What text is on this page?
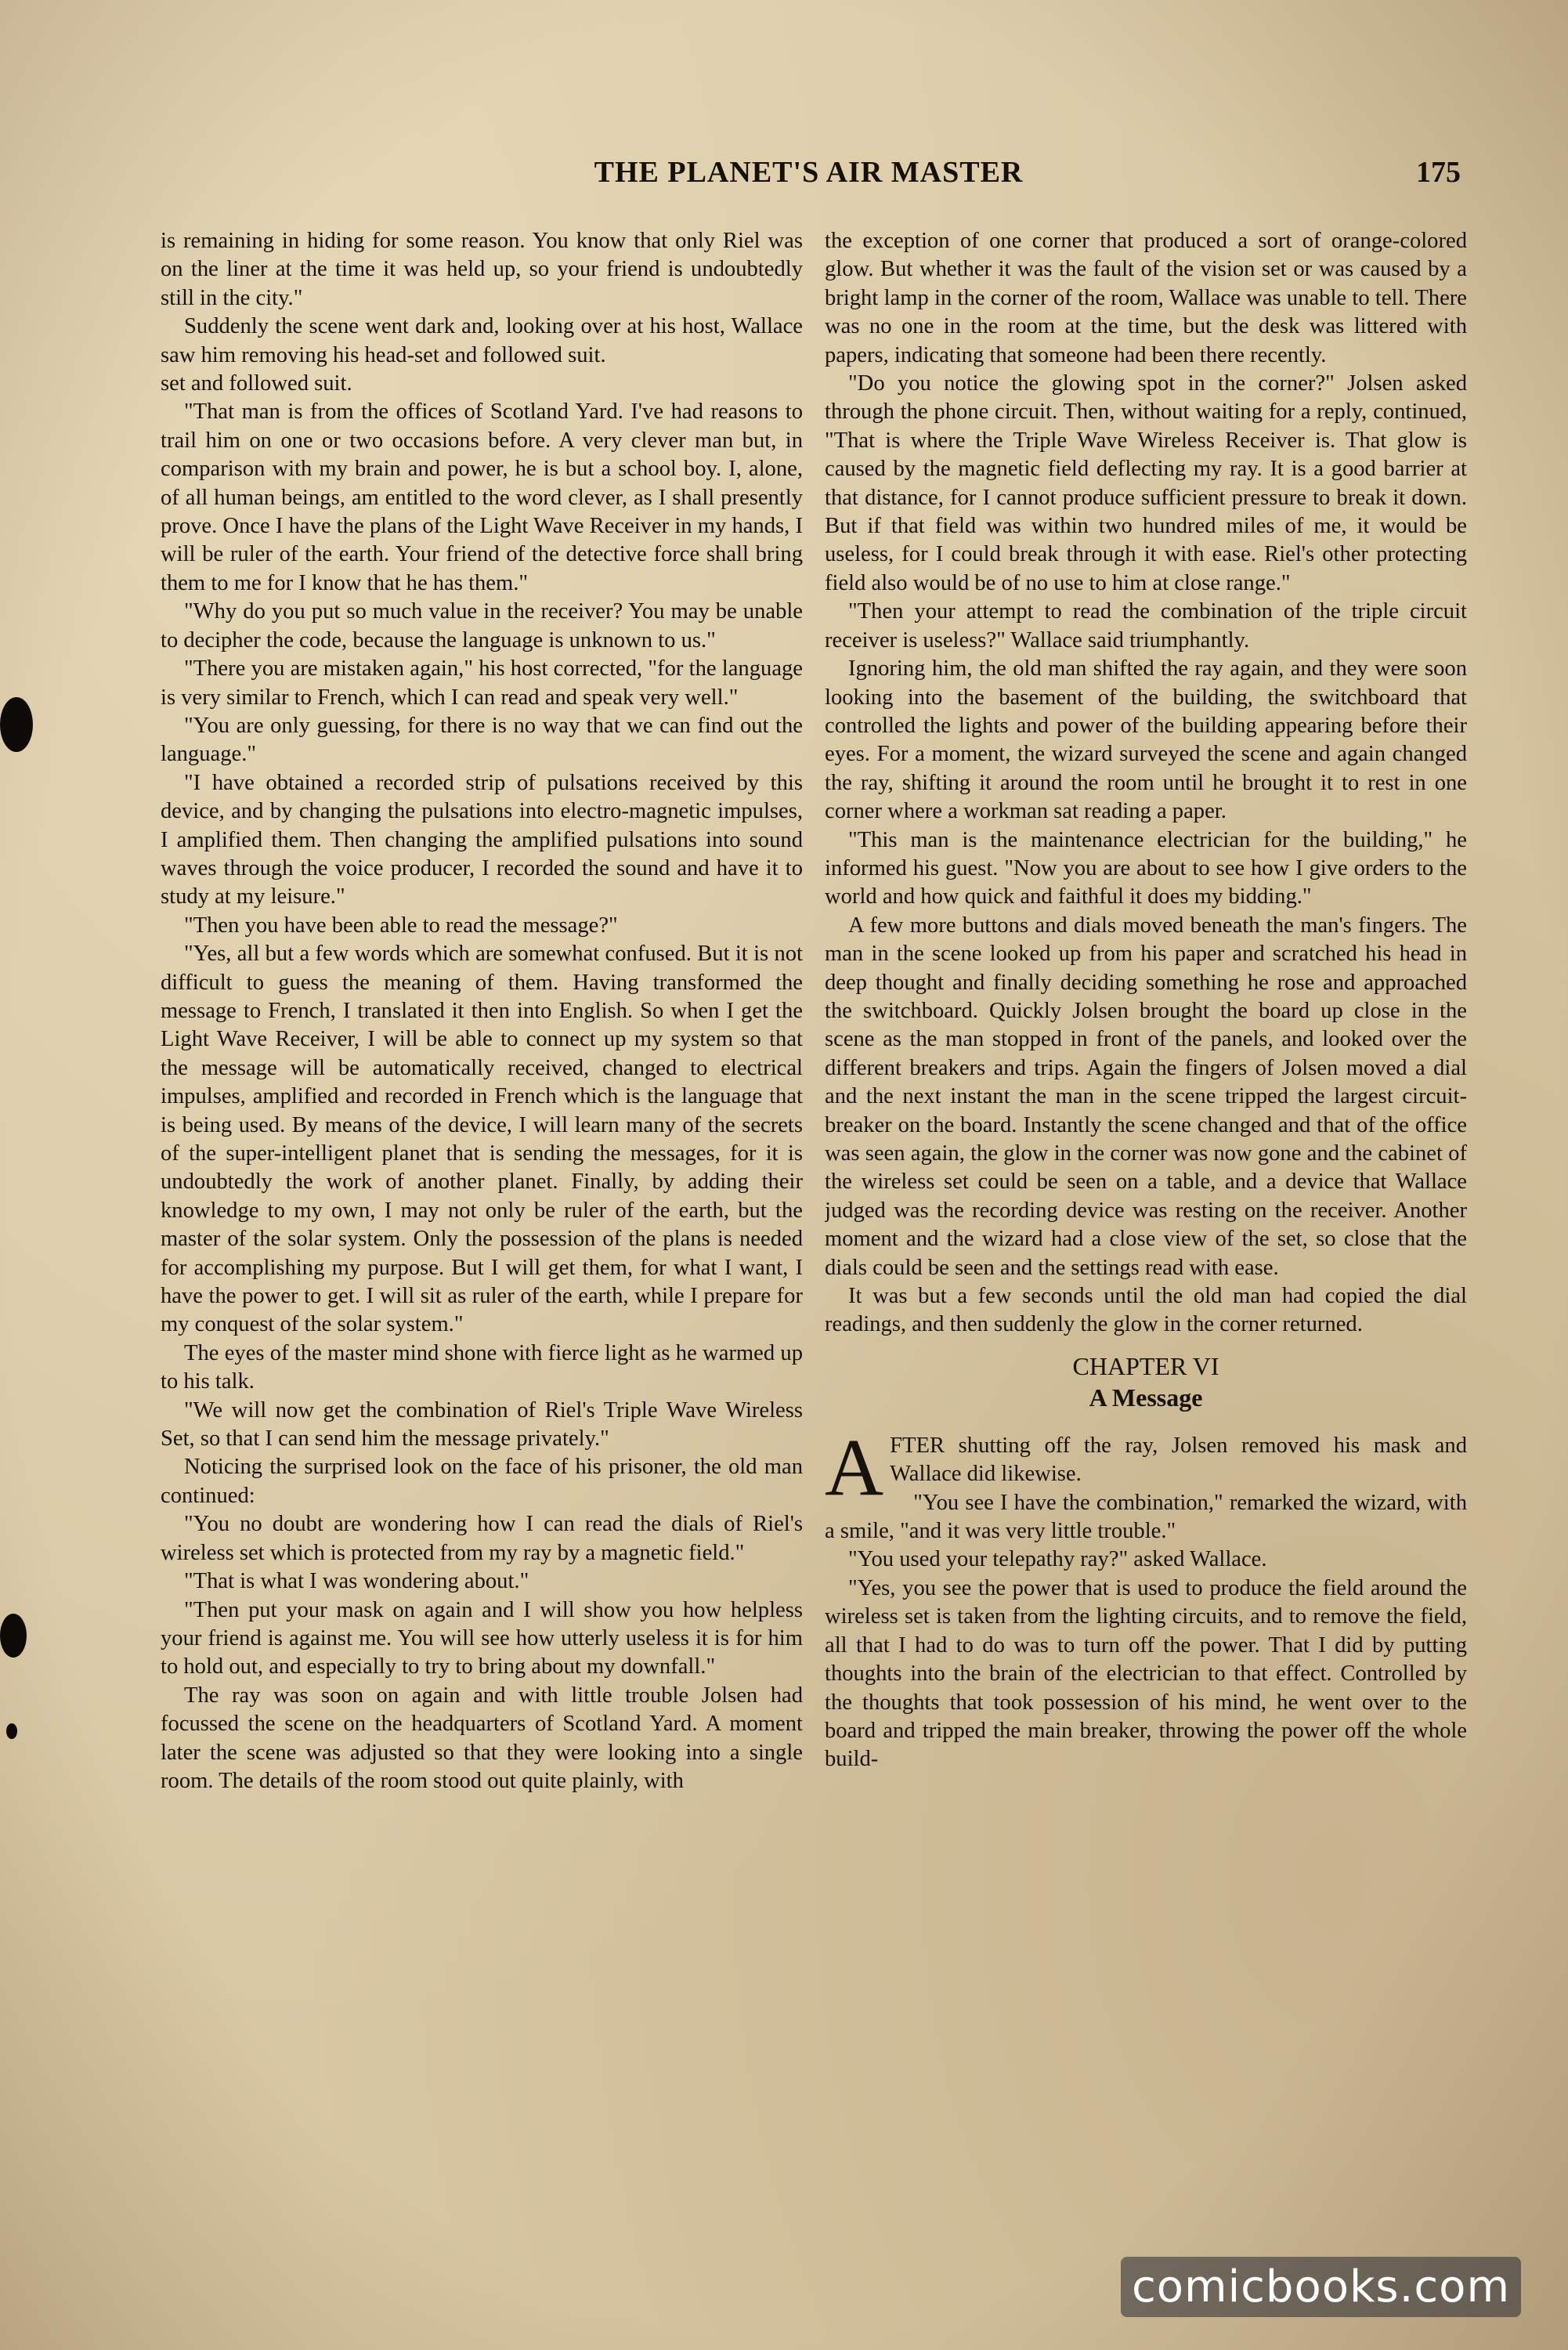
THE PLANET'S AIR MASTER	175

is remaining in hiding for some reason. You know that only Riel was on the liner at the time it was held up, so your friend is undoubtedly still in the city."

Suddenly the scene went dark and, looking over at his host, Wallace saw him removing his head-set and followed suit.

set and followed suit.

"That man is from the offices of Scotland Yard. I've had reasons to trail him on one or two occasions before. A very clever man but, in comparison with my brain and power, he is but a school boy. I, alone, of all human beings, am entitled to the word clever, as I shall presently prove. Once I have the plans of the Light Wave Receiver in my hands, I will be ruler of the earth. Your friend of the detective force shall bring them to me for I know that he has them."

"Why do you put so much value in the receiver? You may be unable to decipher the code, because the language is unknown to us."

"There you are mistaken again," his host corrected, "for the language is very similar to French, which I can read and speak very well."

"You are only guessing, for there is no way that we can find out the language."

"I have obtained a recorded strip of pulsations received by this device, and by changing the pulsations into electro-magnetic impulses, I amplified them. Then changing the amplified pulsations into sound waves through the voice producer, I recorded the sound and have it to study at my leisure."

"Then you have been able to read the message?"

"Yes, all but a few words which are somewhat confused. But it is not difficult to guess the meaning of them. Having transformed the message to French, I translated it then into English. So when I get the Light Wave Receiver, I will be able to connect up my system so that the message will be automatically received, changed to electrical impulses, amplified and recorded in French which is the language that is being used. By means of the device, I will learn many of the secrets of the super-intelligent planet that is sending the messages, for it is undoubtedly the work of another planet. Finally, by adding their knowledge to my own, I may not only be ruler of the earth, but the master of the solar system. Only the possession of the plans is needed for accomplishing my purpose. But I will get them, for what I want, I have the power to get. I will sit as ruler of the earth, while I prepare for my conquest of the solar system."

The eyes of the master mind shone with fierce light as he warmed up to his talk.

"We will now get the combination of Riel's Triple Wave Wireless Set, so that I can send him the message privately."

Noticing the surprised look on the face of his prisoner, the old man continued:

"You no doubt are wondering how I can read the dials of Riel's wireless set which is protected from my ray by a magnetic field."

"That is what I was wondering about."

"Then put your mask on again and I will show you how helpless your friend is against me. You will see how utterly useless it is for him to hold out, and especially to try to bring about my downfall."

The ray was soon on again and with little trouble Jolsen had focussed the scene on the headquarters of Scotland Yard. A moment later the scene was adjusted so that they were looking into a single room. The details of the room stood out quite plainly, with

the exception of one corner that produced a sort of orange-colored glow. But whether it was the fault of the vision set or was caused by a bright lamp in the corner of the room, Wallace was unable to tell. There was no one in the room at the time, but the desk was littered with papers, indicating that someone had been there recently.

"Do you notice the glowing spot in the corner?" Jolsen asked through the phone circuit. Then, without waiting for a reply, continued, "That is where the Triple Wave Wireless Receiver is. That glow is caused by the magnetic field deflecting my ray. It is a good barrier at that distance, for I cannot produce sufficient pressure to break it down. But if that field was within two hundred miles of me, it would be useless, for I could break through it with ease. Riel's other protecting field also would be of no use to him at close range."

"Then your attempt to read the combination of the triple circuit receiver is useless?" Wallace said triumphantly.

Ignoring him, the old man shifted the ray again, and they were soon looking into the basement of the building, the switchboard that controlled the lights and power of the building appearing before their eyes. For a moment, the wizard surveyed the scene and again changed the ray, shifting it around the room until he brought it to rest in one corner where a workman sat reading a paper.

"This man is the maintenance electrician for the building," he informed his guest. "Now you are about to see how I give orders to the world and how quick and faithful it does my bidding."

A few more buttons and dials moved beneath the man's fingers. The man in the scene looked up from his paper and scratched his head in deep thought and finally deciding something he rose and approached the switchboard. Quickly Jolsen brought the board up close in the scene as the man stopped in front of the panels, and looked over the different breakers and trips. Again the fingers of Jolsen moved a dial and the next instant the man in the scene tripped the largest circuit-breaker on the board. Instantly the scene changed and that of the office was seen again, the glow in the corner was now gone and the cabinet of the wireless set could be seen on a table, and a device that Wallace judged was the recording device was resting on the receiver. Another moment and the wizard had a close view of the set, so close that the dials could be seen and the settings read with ease.

It was but a few seconds until the old man had copied the dial readings, and then suddenly the glow in the corner returned.

CHAPTER VI
A Message

AFTER shutting off the ray, Jolsen removed his mask and Wallace did likewise.

"You see I have the combination," remarked the wizard, with a smile, "and it was very little trouble."

"You used your telepathy ray?" asked Wallace.

"Yes, you see the power that is used to produce the field around the wireless set is taken from the lighting circuits, and to remove the field, all that I had to do was to turn off the power. That I did by putting thoughts into the brain of the electrician to that effect. Controlled by the thoughts that took possession of his mind, he went over to the board and tripped the main breaker, throwing the power off the whole build-

comicbooks.com
